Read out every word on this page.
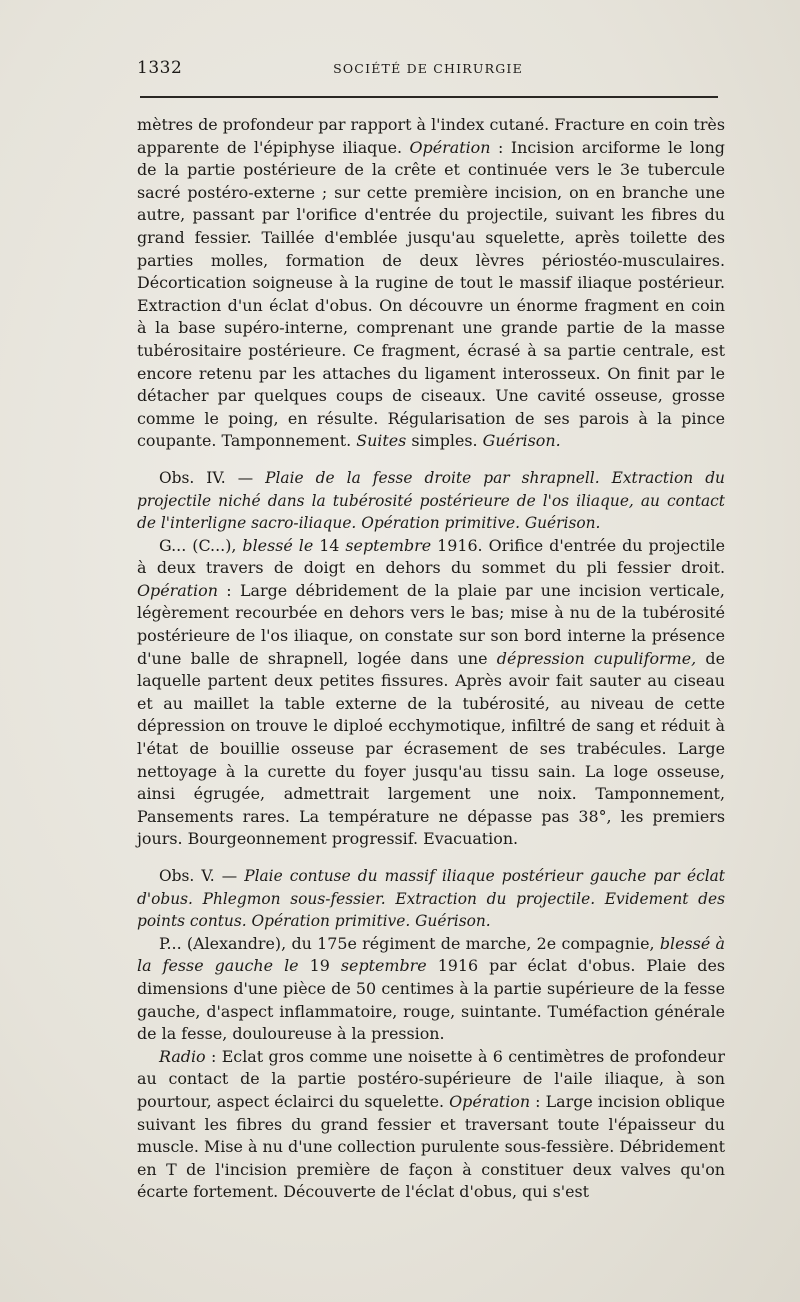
1332	SOCIÉTÉ DE CHIRURGIE

mètres de profondeur par rapport à l'index cutané. Fracture en coin très apparente de l'épiphyse iliaque. Opération : Incision arciforme le long de la partie postérieure de la crête et continuée vers le 3e tubercule sacré postéro-externe ; sur cette première incision, on en branche une autre, passant par l'orifice d'entrée du projectile, suivant les fibres du grand fessier. Taillée d'emblée jusqu'au squelette, après toilette des parties molles, formation de deux lèvres périostéo-musculaires. Décortication soigneuse à la rugine de tout le massif iliaque postérieur. Extraction d'un éclat d'obus. On découvre un énorme fragment en coin à la base supéro-interne, comprenant une grande partie de la masse tubérositaire postérieure. Ce fragment, écrasé à sa partie centrale, est encore retenu par les attaches du ligament interosseux. On finit par le détacher par quelques coups de ciseaux. Une cavité osseuse, grosse comme le poing, en résulte. Régularisation de ses parois à la pince coupante. Tamponnement. Suites simples. Guérison.

Obs. IV. — Plaie de la fesse droite par shrapnell. Extraction du projectile niché dans la tubérosité postérieure de l'os iliaque, au contact de l'interligne sacro-iliaque. Opération primitive. Guérison.

G... (C...), blessé le 14 septembre 1916. Orifice d'entrée du projectile à deux travers de doigt en dehors du sommet du pli fessier droit. Opération : Large débridement de la plaie par une incision verticale, légèrement recourbée en dehors vers le bas; mise à nu de la tubérosité postérieure de l'os iliaque, on constate sur son bord interne la présence d'une balle de shrapnell, logée dans une dépression cupuliforme, de laquelle partent deux petites fissures. Après avoir fait sauter au ciseau et au maillet la table externe de la tubérosité, au niveau de cette dépression on trouve le diploé ecchymotique, infiltré de sang et réduit à l'état de bouillie osseuse par écrasement de ses trabécules. Large nettoyage à la curette du foyer jusqu'au tissu sain. La loge osseuse, ainsi égrugée, admettrait largement une noix. Tamponnement, Pansements rares. La température ne dépasse pas 38°, les premiers jours. Bourgeonnement progressif. Evacuation.

Obs. V. — Plaie contuse du massif iliaque postérieur gauche par éclat d'obus. Phlegmon sous-fessier. Extraction du projectile. Evidement des points contus. Opération primitive. Guérison.

P... (Alexandre), du 175e régiment de marche, 2e compagnie, blessé à la fesse gauche le 19 septembre 1916 par éclat d'obus. Plaie des dimensions d'une pièce de 50 centimes à la partie supérieure de la fesse gauche, d'aspect inflammatoire, rouge, suintante. Tuméfaction générale de la fesse, douloureuse à la pression.

Radio : Eclat gros comme une noisette à 6 centimètres de profondeur au contact de la partie postéro-supérieure de l'aile iliaque, à son pourtour, aspect éclairci du squelette. Opération : Large incision oblique suivant les fibres du grand fessier et traversant toute l'épaisseur du muscle. Mise à nu d'une collection purulente sous-fessière. Débridement en T de l'incision première de façon à constituer deux valves qu'on écarte fortement. Découverte de l'éclat d'obus, qui s'est
